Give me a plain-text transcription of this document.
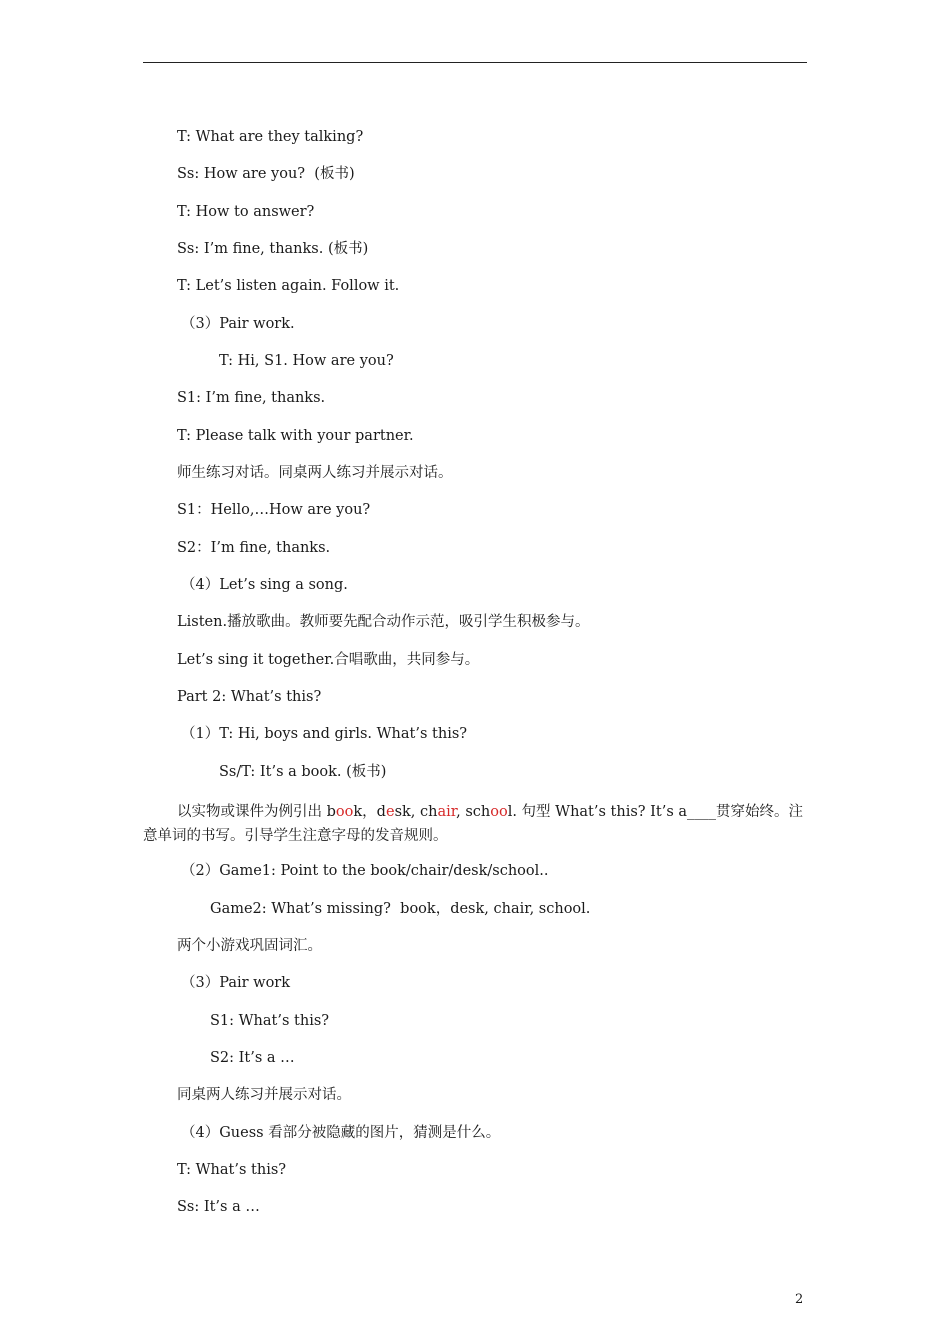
T: What are they talking?
Ss: How are you?  (板书)
T: How to answer?
Ss: I’m fine, thanks. (板书)
T: Let’s listen again. Follow it.
（3）Pair work.
T: Hi, S1. How are you?
S1: I’m fine, thanks.
T: Please talk with your partner.
师生练习对话。同桌两人练习并展示对话。
S1：Hello,…How are you?
S2：I’m fine, thanks.
（4）Let’s sing a song.
Listen.播放歌曲。教师要先配合动作示范，吸引学生积极参与。
Let’s sing it together.合唱歌曲，共同参与。
Part 2: What’s this?
（1）T: Hi, boys and girls. What’s this?
Ss/T: It’s a book. (板书)
以实物或课件为例引出 book，desk, chair, school. 句型 What’s this? It’s a____贯穿始终。注意单词的书写。引导学生注意字母的发音规则。
（2）Game1: Point to the book/chair/desk/school..
Game2: What’s missing?  book，desk, chair, school.
两个小游戏巩固词汇。
（3）Pair work
S1: What’s this?
S2: It’s a …
同桌两人练习并展示对话。
（4）Guess 看部分被隐藏的图片，猜测是什么。
T: What’s this?
Ss: It’s a …
2
